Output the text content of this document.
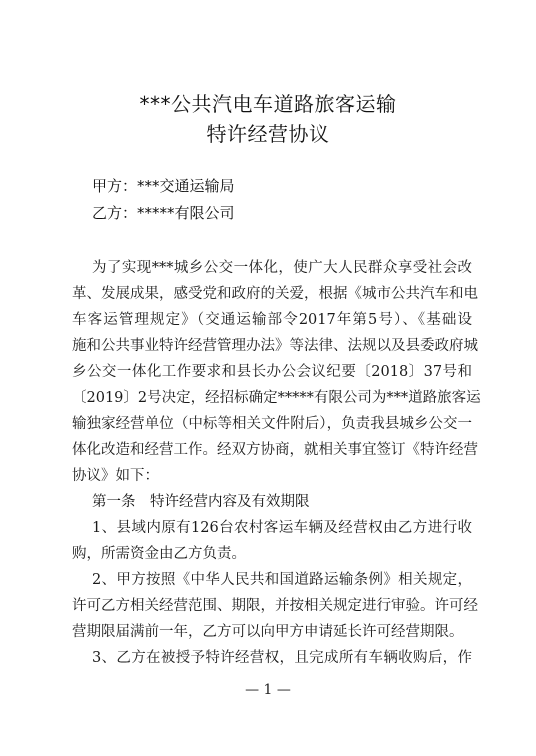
***公共汽电车道路旅客运输
特许经营协议
甲方：***交通运输局
乙方：*****有限公司
为了实现***城乡公交一体化，使广大人民群众享受社会改
革、发展成果，感受党和政府的关爱，根据《城市公共汽车和电
车客运管理规定》（交通运输部令2017年第5号）、《基础设
施和公共事业特许经营管理办法》等法律、法规以及县委政府城
乡公交一体化工作要求和县长办公会议纪要〔2018〕37号和
〔2019〕2号决定，经招标确定*****有限公司为***道路旅客运
输独家经营单位（中标等相关文件附后），负责我县城乡公交一
体化改造和经营工作。经双方协商，就相关事宜签订《特许经营
协议》如下：
第一条　特许经营内容及有效期限
1、县域内原有126台农村客运车辆及经营权由乙方进行收
购，所需资金由乙方负责。
2、甲方按照《中华人民共和国道路运输条例》相关规定，
许可乙方相关经营范围、期限，并按相关规定进行审验。许可经
营期限届满前一年，乙方可以向甲方申请延长许可经营期限。
3、乙方在被授予特许经营权，且完成所有车辆收购后，作
— 1 —
